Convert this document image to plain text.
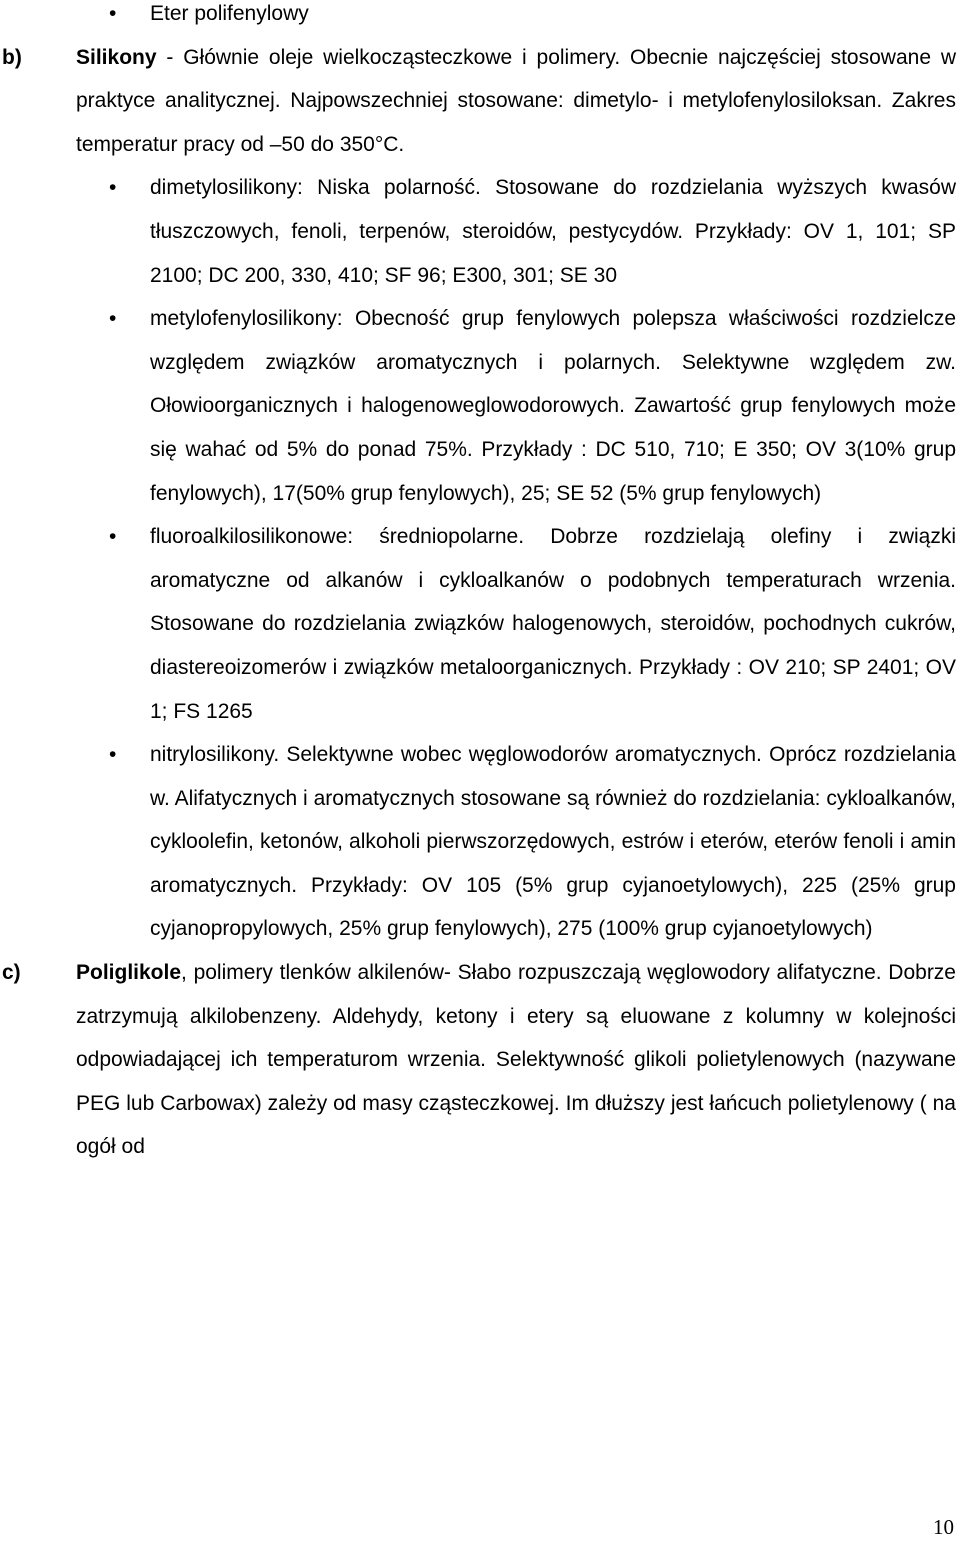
•	Eter polifenylowy
b)	Silikony - Głównie oleje wielkocząsteczkowe i polimery. Obecnie najczęściej stosowane w praktyce analitycznej. Najpowszechniej stosowane: dimetylo- i metylofenylosiloksan. Zakres temperatur pracy od –50 do 350°C.
•	dimetylosilikony: Niska polarność. Stosowane do rozdzielania wyższych kwasów tłuszczowych, fenoli, terpenów, steroidów, pestycydów. Przykłady: OV 1, 101; SP 2100; DC 200, 330, 410; SF 96; E300, 301; SE 30
•	metylofenylosilikony: Obecność grup fenylowych polepsza właściwości rozdzielcze względem związków aromatycznych i polarnych. Selektywne względem zw. Ołowioorganicznych i halogenoweglowodorowych. Zawartość grup fenylowych może się wahać od 5% do ponad 75%. Przykłady : DC 510, 710; E 350; OV 3(10% grup fenylowych), 17(50% grup fenylowych), 25; SE 52 (5% grup fenylowych)
•	fluoroalkilosilikonowe: średniopolarne. Dobrze rozdzielają olefiny i związki aromatyczne od alkanów i cykloalkanów o podobnych temperaturach wrzenia. Stosowane do rozdzielania związków halogenowych, steroidów, pochodnych cukrów, diastereoizomerów i związków metaloorganicznych. Przykłady : OV 210; SP 2401; OV 1; FS 1265
•	nitrylosilikony. Selektywne wobec węglowodorów aromatycznych. Oprócz rozdzielania w. Alifatycznych i aromatycznych stosowane są również do rozdzielania: cykloalkanów, cykloolefin, ketonów, alkoholi pierwszorzędowych, estrów i eterów, eterów fenoli i amin aromatycznych. Przykłady: OV 105 (5% grup cyjanoetylowych), 225 (25% grup cyjanopropylowych, 25% grup fenylowych), 275 (100% grup cyjanoetylowych)
c)	Poliglikole, polimery tlenków alkilenów- Słabo rozpuszczają węglowodory alifatyczne. Dobrze zatrzymują alkilobenzeny. Aldehydy, ketony i etery są eluowane z kolumny w kolejności odpowiadającej ich temperaturom wrzenia. Selektywność glikoli polietylenowych (nazywane PEG lub Carbowax) zależy od masy cząsteczkowej. Im dłuższy jest łańcuch polietylenowy ( na ogół od
10
